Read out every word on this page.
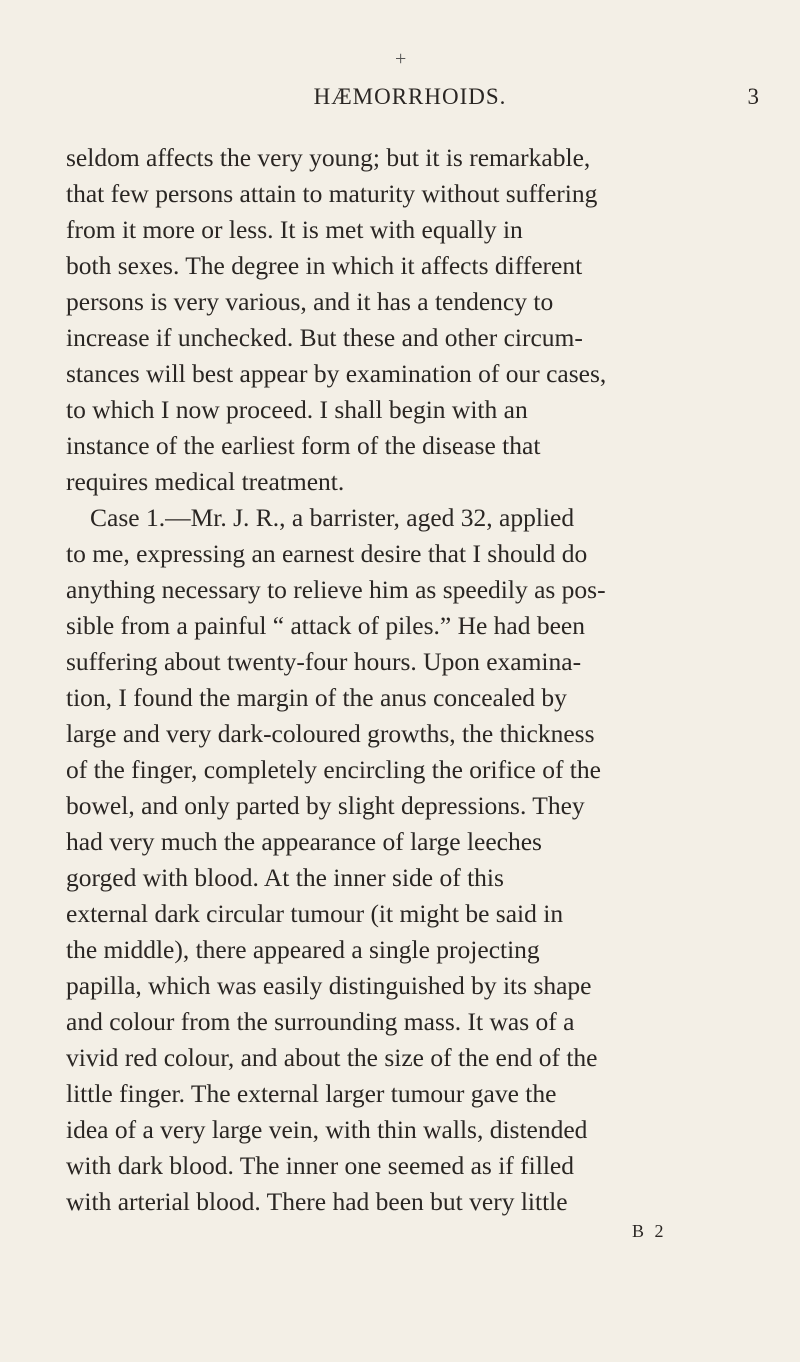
+
HÆMORRHOIDS.	3
seldom affects the very young; but it is remarkable,
that few persons attain to maturity without suffering
from it more or less. It is met with equally in
both sexes. The degree in which it affects different
persons is very various, and it has a tendency to
increase if unchecked. But these and other circum-
stances will best appear by examination of our cases,
to which I now proceed. I shall begin with an
instance of the earliest form of the disease that
requires medical treatment.
Case 1.—Mr. J. R., a barrister, aged 32, applied
to me, expressing an earnest desire that I should do
anything necessary to relieve him as speedily as pos-
sible from a painful “ attack of piles.” He had been
suffering about twenty-four hours. Upon examina-
tion, I found the margin of the anus concealed by
large and very dark-coloured growths, the thickness
of the finger, completely encircling the orifice of the
bowel, and only parted by slight depressions. They
had very much the appearance of large leeches
gorged with blood. At the inner side of this
external dark circular tumour (it might be said in
the middle), there appeared a single projecting
papilla, which was easily distinguished by its shape
and colour from the surrounding mass. It was of a
vivid red colour, and about the size of the end of the
little finger. The external larger tumour gave the
idea of a very large vein, with thin walls, distended
with dark blood. The inner one seemed as if filled
with arterial blood. There had been but very little
B 2
